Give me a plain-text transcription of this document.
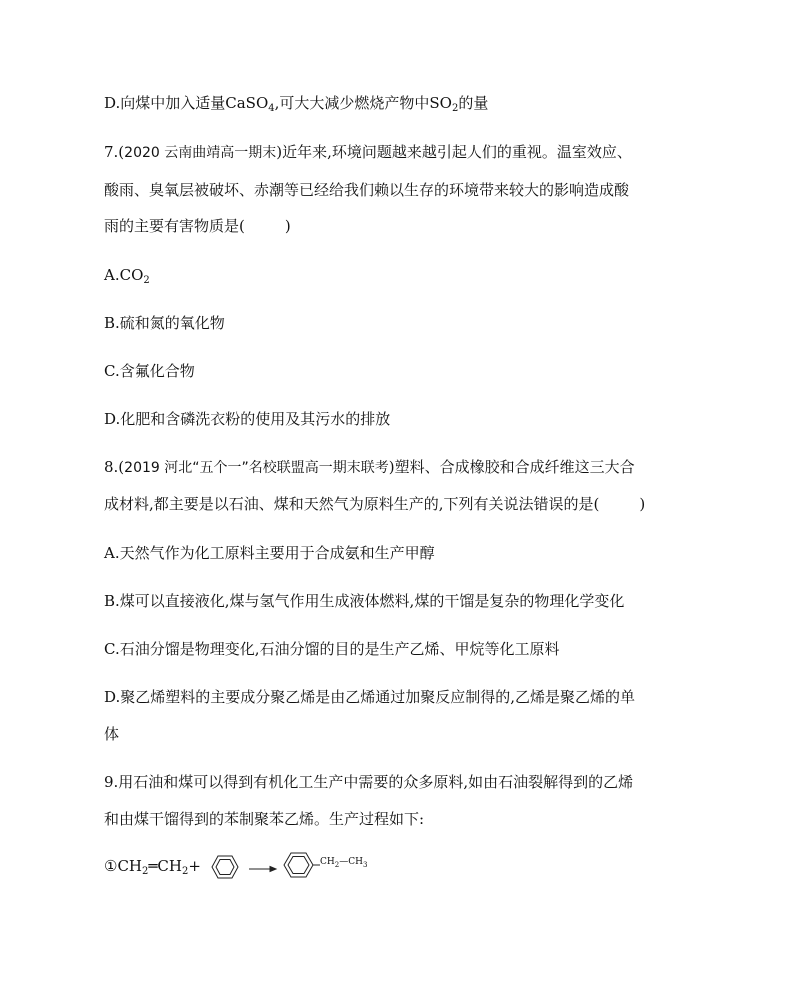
D.向煤中加入适量CaSO$_4$,可大大减少燃烧产物中$SO_2$的量
7.(2020 云南曲靖高一期末)近年来,环境问题越来越引起人们的重视。温室效应、
酸雨、臭氧层被破坏、赤潮等已经给我们赖以生存的环境带来较大的影响造成酸
雨的主要有害物质是(	)
$A.CO_2$
B.硫和氮的氧化物
C.含氟化合物
D.化肥和含磷洗衣粉的使用及其污水的排放
8.(2019 河北“五个一”名校联盟高一期末联考)塑料、合成橡胶和合成纤维这三大合
成材料,都主要是以石油、煤和天然气为原料生产的,下列有关说法错误的是(	)
A.天然气作为化工原料主要用于合成氨和生产甲醇
B.煤可以直接液化,煤与氢气作用生成液体燃料,煤的干馏是复杂的物理化学变化
C.石油分馏是物理变化,石油分馏的目的是生产乙烯、甲烷等化工原料
D.聚乙烯塑料的主要成分聚乙烯是由乙烯通过加聚反应制得的,乙烯是聚乙烯的单
体
9.用石油和煤可以得到有机化工生产中需要的众多原料,如由石油裂解得到的乙烯
和由煤干馏得到的苯制聚苯乙烯。生产过程如下:
$①CH_2═CH_2+$	$CH_2—CH_3$
